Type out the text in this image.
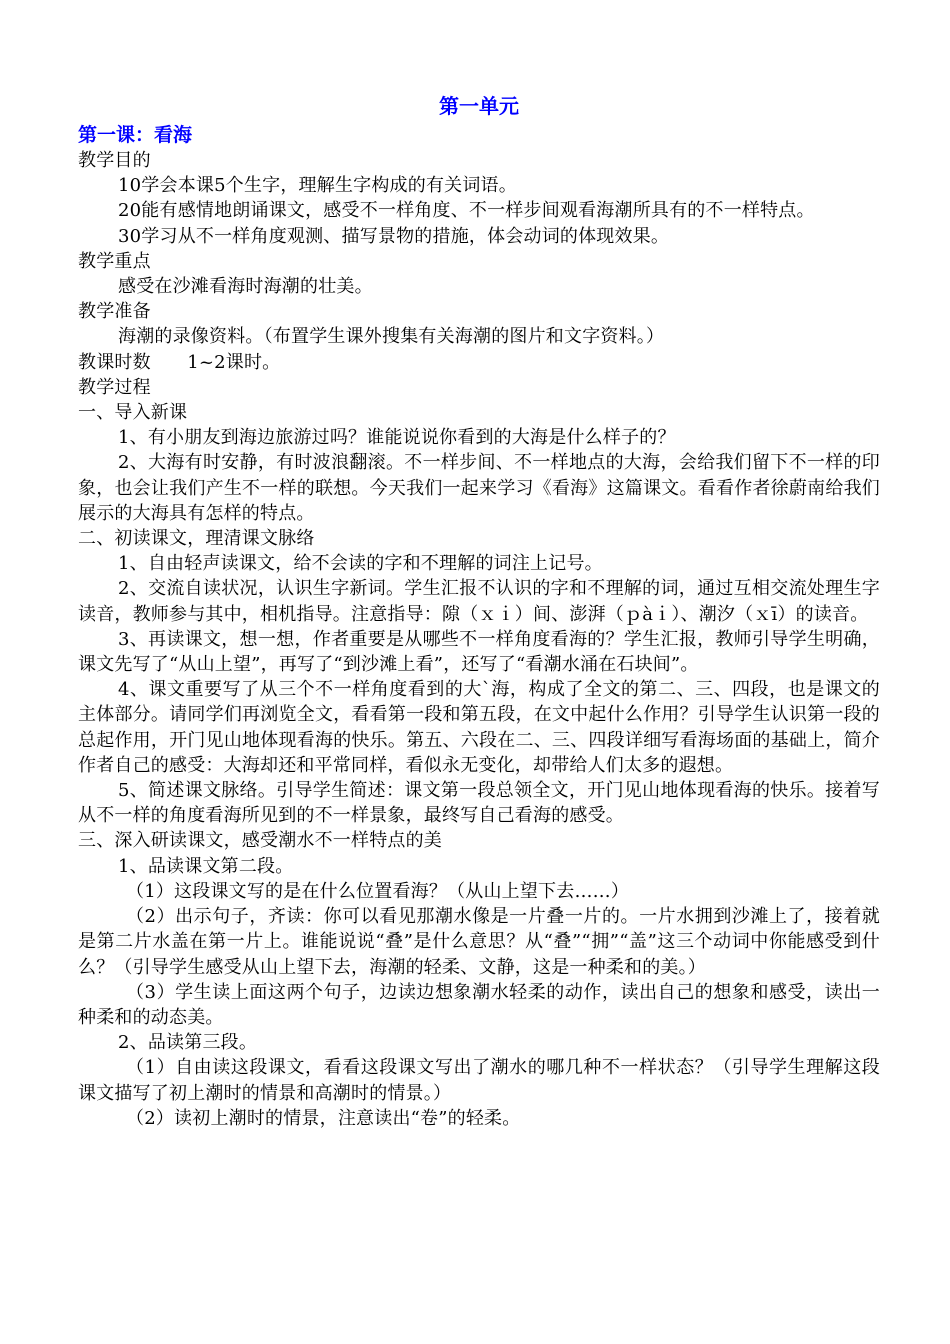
第一单元
第一课：看海

教学目的

10学会本课5个生字，理解生字构成的有关词语。

20能有感情地朗诵课文，感受不一样角度、不一样步间观看海潮所具有的不一样特点。

30学习从不一样角度观测、描写景物的措施，体会动词的体现效果。

教学重点

感受在沙滩看海时海潮的壮美。

教学准备

海潮的录像资料。（布置学生课外搜集有关海潮的图片和文字资料。）

教课时数　　1~2课时。

教学过程

一、导入新课

1、有小朋友到海边旅游过吗？谁能说说你看到的大海是什么样子的？

2、大海有时安静，有时波浪翻滚。不一样步间、不一样地点的大海，会给我们留下不一样的印象，也会让我们产生不一样的联想。今天我们一起来学习《看海》这篇课文。看看作者徐蔚南给我们展示的大海具有怎样的特点。

二、初读课文，理清课文脉络

1、自由轻声读课文，给不会读的字和不理解的词注上记号。

2、交流自读状况，认识生字新词。学生汇报不认识的字和不理解的词，通过互相交流处理生字读音，教师参与其中，相机指导。注意指导：隙（ｘｉ）间、澎湃（ｐàｉ）、潮汐（ｘī）的读音。

3、再读课文，想一想，作者重要是从哪些不一样角度看海的？学生汇报，教师引导学生明确，课文先写了“从山上望”，再写了“到沙滩上看”，还写了“看潮水涌在石块间”。

4、课文重要写了从三个不一样角度看到的大`海，构成了全文的第二、三、四段，也是课文的主体部分。请同学们再浏览全文，看看第一段和第五段，在文中起什么作用？引导学生认识第一段的总起作用，开门见山地体现看海的快乐。第五、六段在二、三、四段详细写看海场面的基础上，简介作者自己的感受：大海却还和平常同样，看似永无变化，却带给人们太多的遐想。

5、简述课文脉络。引导学生简述：课文第一段总领全文，开门见山地体现看海的快乐。接着写从不一样的角度看海所见到的不一样景象，最终写自己看海的感受。

三、深入研读课文，感受潮水不一样特点的美

1、品读课文第二段。

（1）这段课文写的是在什么位置看海？（从山上望下去……）

（2）出示句子，齐读：你可以看见那潮水像是一片叠一片的。一片水拥到沙滩上了，接着就是第二片水盖在第一片上。谁能说说“叠”是什么意思？从“叠”“拥”“盖”这三个动词中你能感受到什么？（引导学生感受从山上望下去，海潮的轻柔、文静，这是一种柔和的美。）

（3）学生读上面这两个句子，边读边想象潮水轻柔的动作，读出自己的想象和感受，读出一种柔和的动态美。

2、品读第三段。

（1）自由读这段课文，看看这段课文写出了潮水的哪几种不一样状态？（引导学生理解这段课文描写了初上潮时的情景和高潮时的情景。）

（2）读初上潮时的情景，注意读出“卷”的轻柔。
